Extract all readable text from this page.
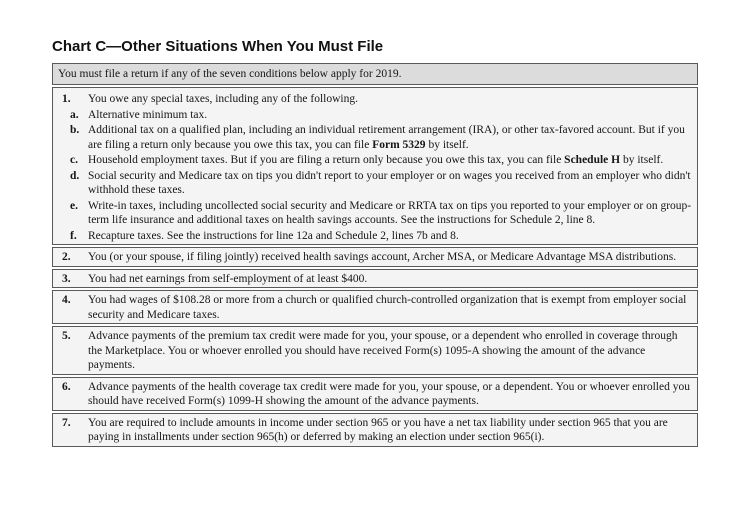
Chart C—Other Situations When You Must File
You must file a return if any of the seven conditions below apply for 2019.
1.	You owe any special taxes, including any of the following.
a. Alternative minimum tax.
b. Additional tax on a qualified plan, including an individual retirement arrangement (IRA), or other tax-favored account. But if you are filing a return only because you owe this tax, you can file Form 5329 by itself.
c. Household employment taxes. But if you are filing a return only because you owe this tax, you can file Schedule H by itself.
d. Social security and Medicare tax on tips you didn't report to your employer or on wages you received from an employer who didn't withhold these taxes.
e. Write-in taxes, including uncollected social security and Medicare or RRTA tax on tips you reported to your employer or on group-term life insurance and additional taxes on health savings accounts. See the instructions for Schedule 2, line 8.
f. Recapture taxes. See the instructions for line 12a and Schedule 2, lines 7b and 8.
2.	You (or your spouse, if filing jointly) received health savings account, Archer MSA, or Medicare Advantage MSA distributions.
3.	You had net earnings from self-employment of at least $400.
4.	You had wages of $108.28 or more from a church or qualified church-controlled organization that is exempt from employer social security and Medicare taxes.
5.	Advance payments of the premium tax credit were made for you, your spouse, or a dependent who enrolled in coverage through the Marketplace. You or whoever enrolled you should have received Form(s) 1095-A showing the amount of the advance payments.
6.	Advance payments of the health coverage tax credit were made for you, your spouse, or a dependent. You or whoever enrolled you should have received Form(s) 1099-H showing the amount of the advance payments.
7.	You are required to include amounts in income under section 965 or you have a net tax liability under section 965 that you are paying in installments under section 965(h) or deferred by making an election under section 965(i).
